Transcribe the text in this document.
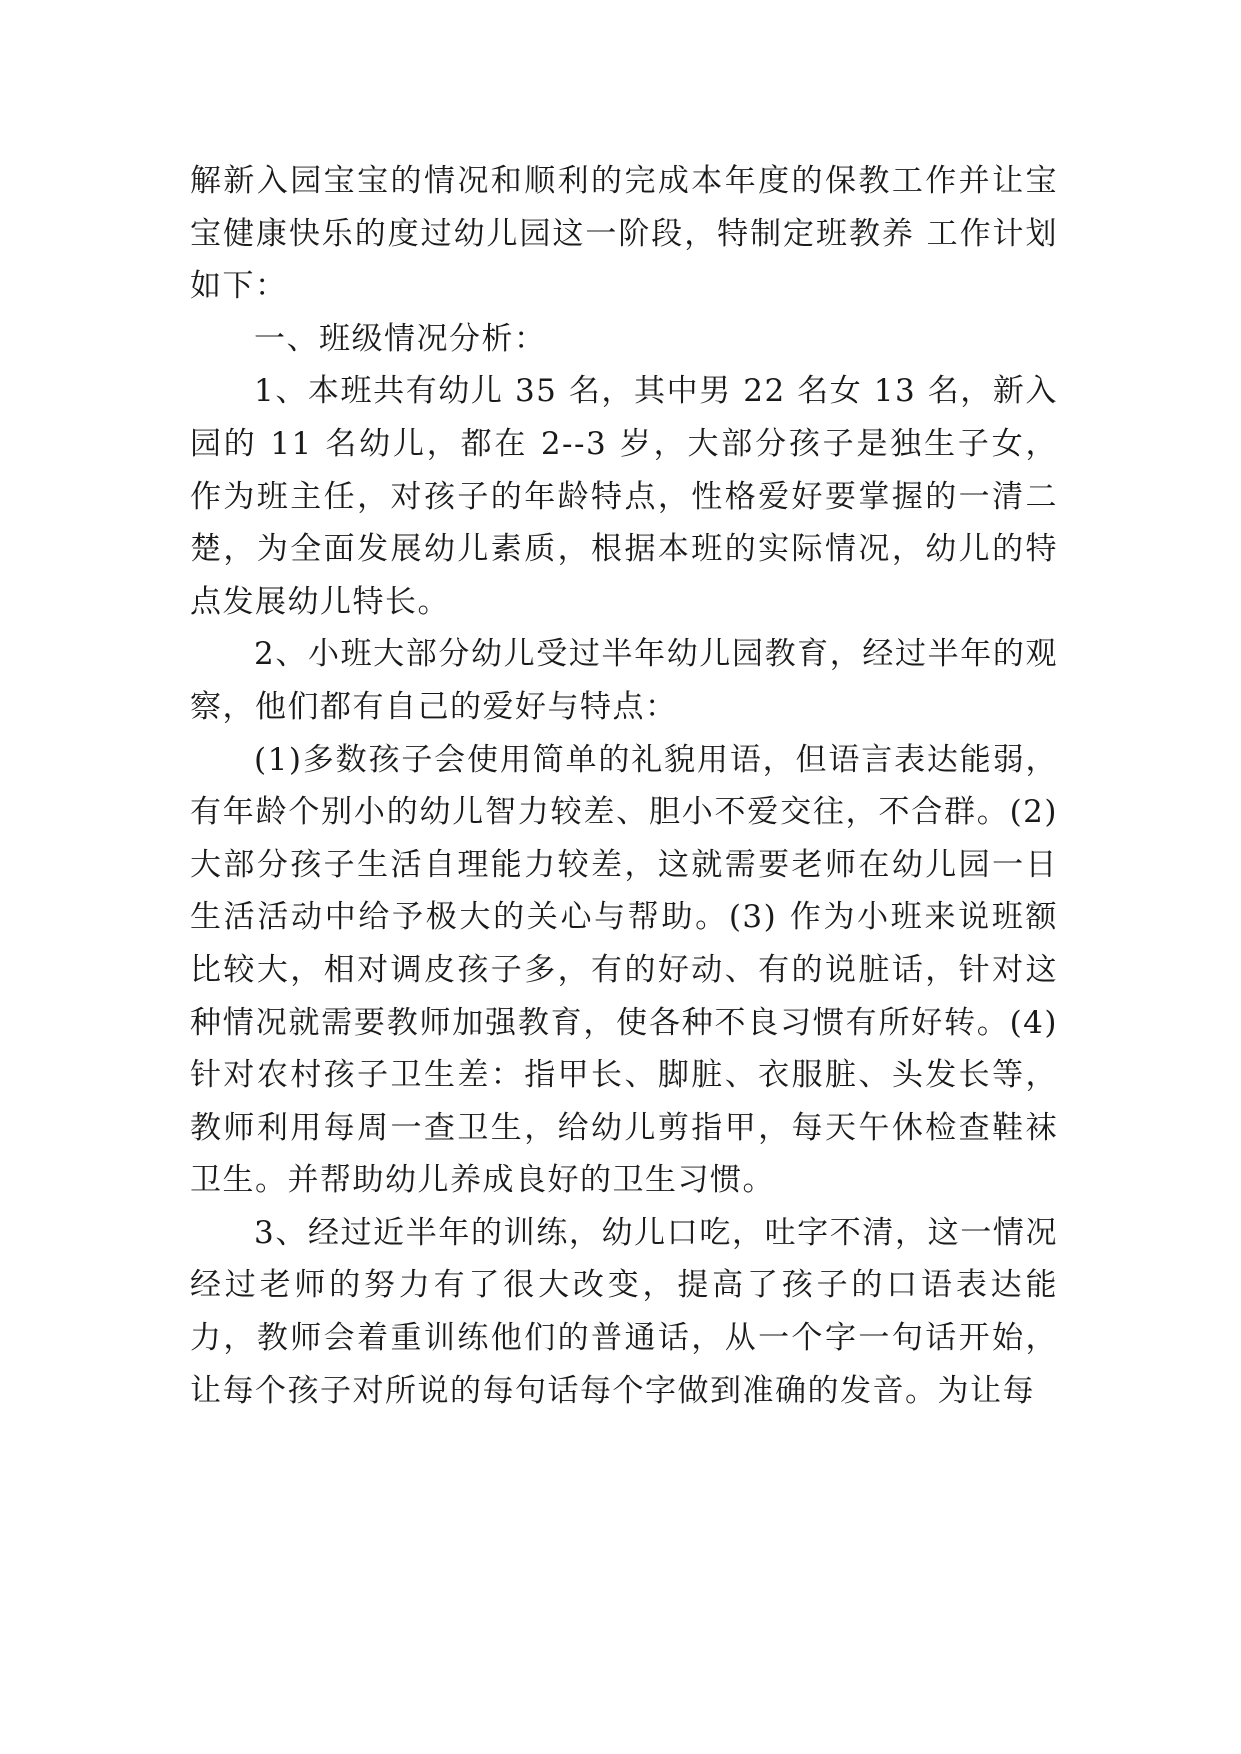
解新入园宝宝的情况和顺利的完成本年度的保教工作并让宝宝健康快乐的度过幼儿园这一阶段，特制定班教养 工作计划 如下：

一、班级情况分析：

1、本班共有幼儿 35 名，其中男 22 名女 13 名，新入园的 11 名幼儿，都在 2--3 岁，大部分孩子是独生子女，作为班主任，对孩子的年龄特点，性格爱好要掌握的一清二楚，为全面发展幼儿素质，根据本班的实际情况，幼儿的特点发展幼儿特长。

2、小班大部分幼儿受过半年幼儿园教育，经过半年的观察，他们都有自己的爱好与特点：

(1)多数孩子会使用简单的礼貌用语，但语言表达能弱，有年龄个别小的幼儿智力较差、胆小不爱交往，不合群。(2)大部分孩子生活自理能力较差，这就需要老师在幼儿园一日生活活动中给予极大的关心与帮助。(3) 作为小班来说班额比较大，相对调皮孩子多，有的好动、有的说脏话，针对这种情况就需要教师加强教育，使各种不良习惯有所好转。(4)针对农村孩子卫生差：指甲长、脚脏、衣服脏、头发长等，教师利用每周一查卫生，给幼儿剪指甲，每天午休检查鞋袜卫生。并帮助幼儿养成良好的卫生习惯。

3、经过近半年的训练，幼儿口吃，吐字不清，这一情况经过老师的努力有了很大改变，提高了孩子的口语表达能力，教师会着重训练他们的普通话，从一个字一句话开始，让每个孩子对所说的每句话每个字做到准确的发音。为让每
